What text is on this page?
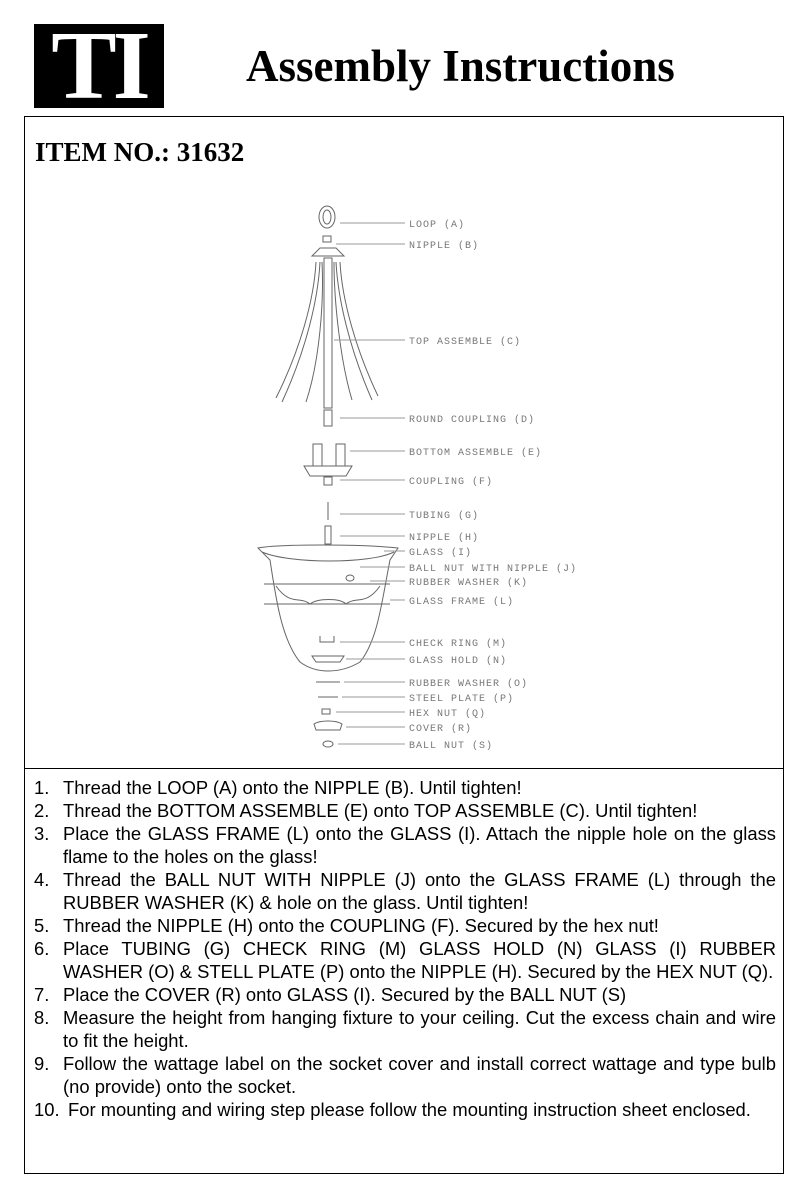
TI Assembly Instructions
ITEM NO.: 31632
LOOP (A)
NIPPLE (B)
TOP ASSEMBLE (C)
ROUND COUPLING (D)
BOTTOM ASSEMBLE (E)
COUPLING (F)
TUBING (G)
NIPPLE (H)
GLASS (I)
BALL NUT WITH NIPPLE (J)
RUBBER WASHER (K)
GLASS FRAME (L)
CHECK RING (M)
GLASS HOLD (N)
RUBBER WASHER (O)
STEEL PLATE (P)
HEX NUT (Q)
COVER (R)
BALL NUT (S)
1. Thread the LOOP (A) onto the NIPPLE (B). Until tighten!
2. Thread the BOTTOM ASSEMBLE (E) onto TOP ASSEMBLE (C). Until tighten!
3. Place the GLASS FRAME (L) onto the GLASS (I). Attach the nipple hole on the glass flame to the holes on the glass!
4. Thread the BALL NUT WITH NIPPLE (J) onto the GLASS FRAME (L) through the RUBBER WASHER (K) & hole on the glass. Until tighten!
5. Thread the NIPPLE (H) onto the COUPLING (F). Secured by the hex nut!
6. Place TUBING (G) CHECK RING (M) GLASS HOLD (N) GLASS (I) RUBBER WASHER (O) & STELL PLATE (P) onto the NIPPLE (H). Secured by the HEX NUT (Q).
7. Place the COVER (R) onto GLASS (I). Secured by the BALL NUT (S)
8. Measure the height from hanging fixture to your ceiling. Cut the excess chain and wire to fit the height.
9. Follow the wattage label on the socket cover and install correct wattage and type bulb (no provide) onto the socket.
10. For mounting and wiring step please follow the mounting instruction sheet enclosed.
